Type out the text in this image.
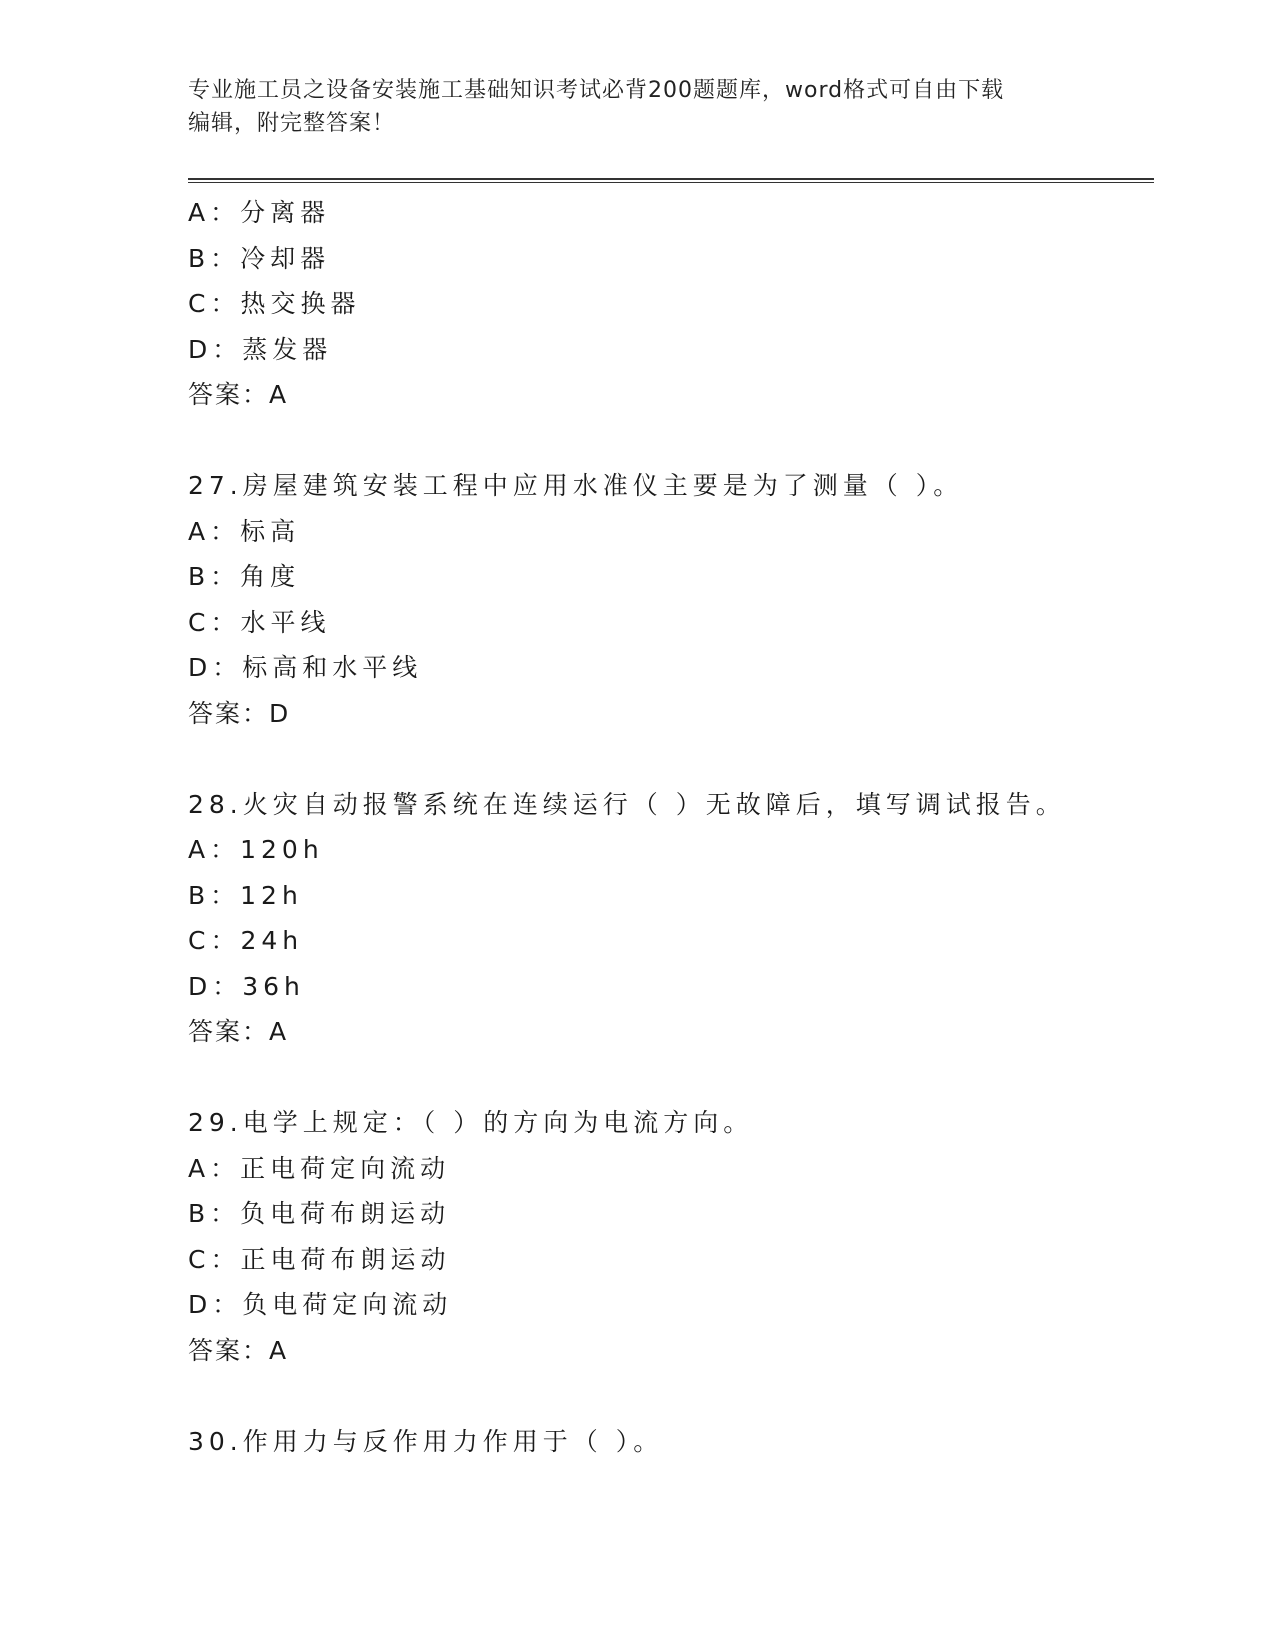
专业施工员之设备安装施工基础知识考试必背200题题库，word格式可自由下载
编辑，附完整答案！
A：分离器
B：冷却器
C：热交换器
D：蒸发器
答案：A
27.房屋建筑安装工程中应用水准仪主要是为了测量（ ）。
A：标高
B：角度
C：水平线
D：标高和水平线
答案：D
28.火灾自动报警系统在连续运行（ ）无故障后，填写调试报告。
A：120h
B：12h
C：24h
D：36h
答案：A
29.电学上规定：（ ）的方向为电流方向。
A：正电荷定向流动
B：负电荷布朗运动
C：正电荷布朗运动
D：负电荷定向流动
答案：A
30.作用力与反作用力作用于（ ）。
